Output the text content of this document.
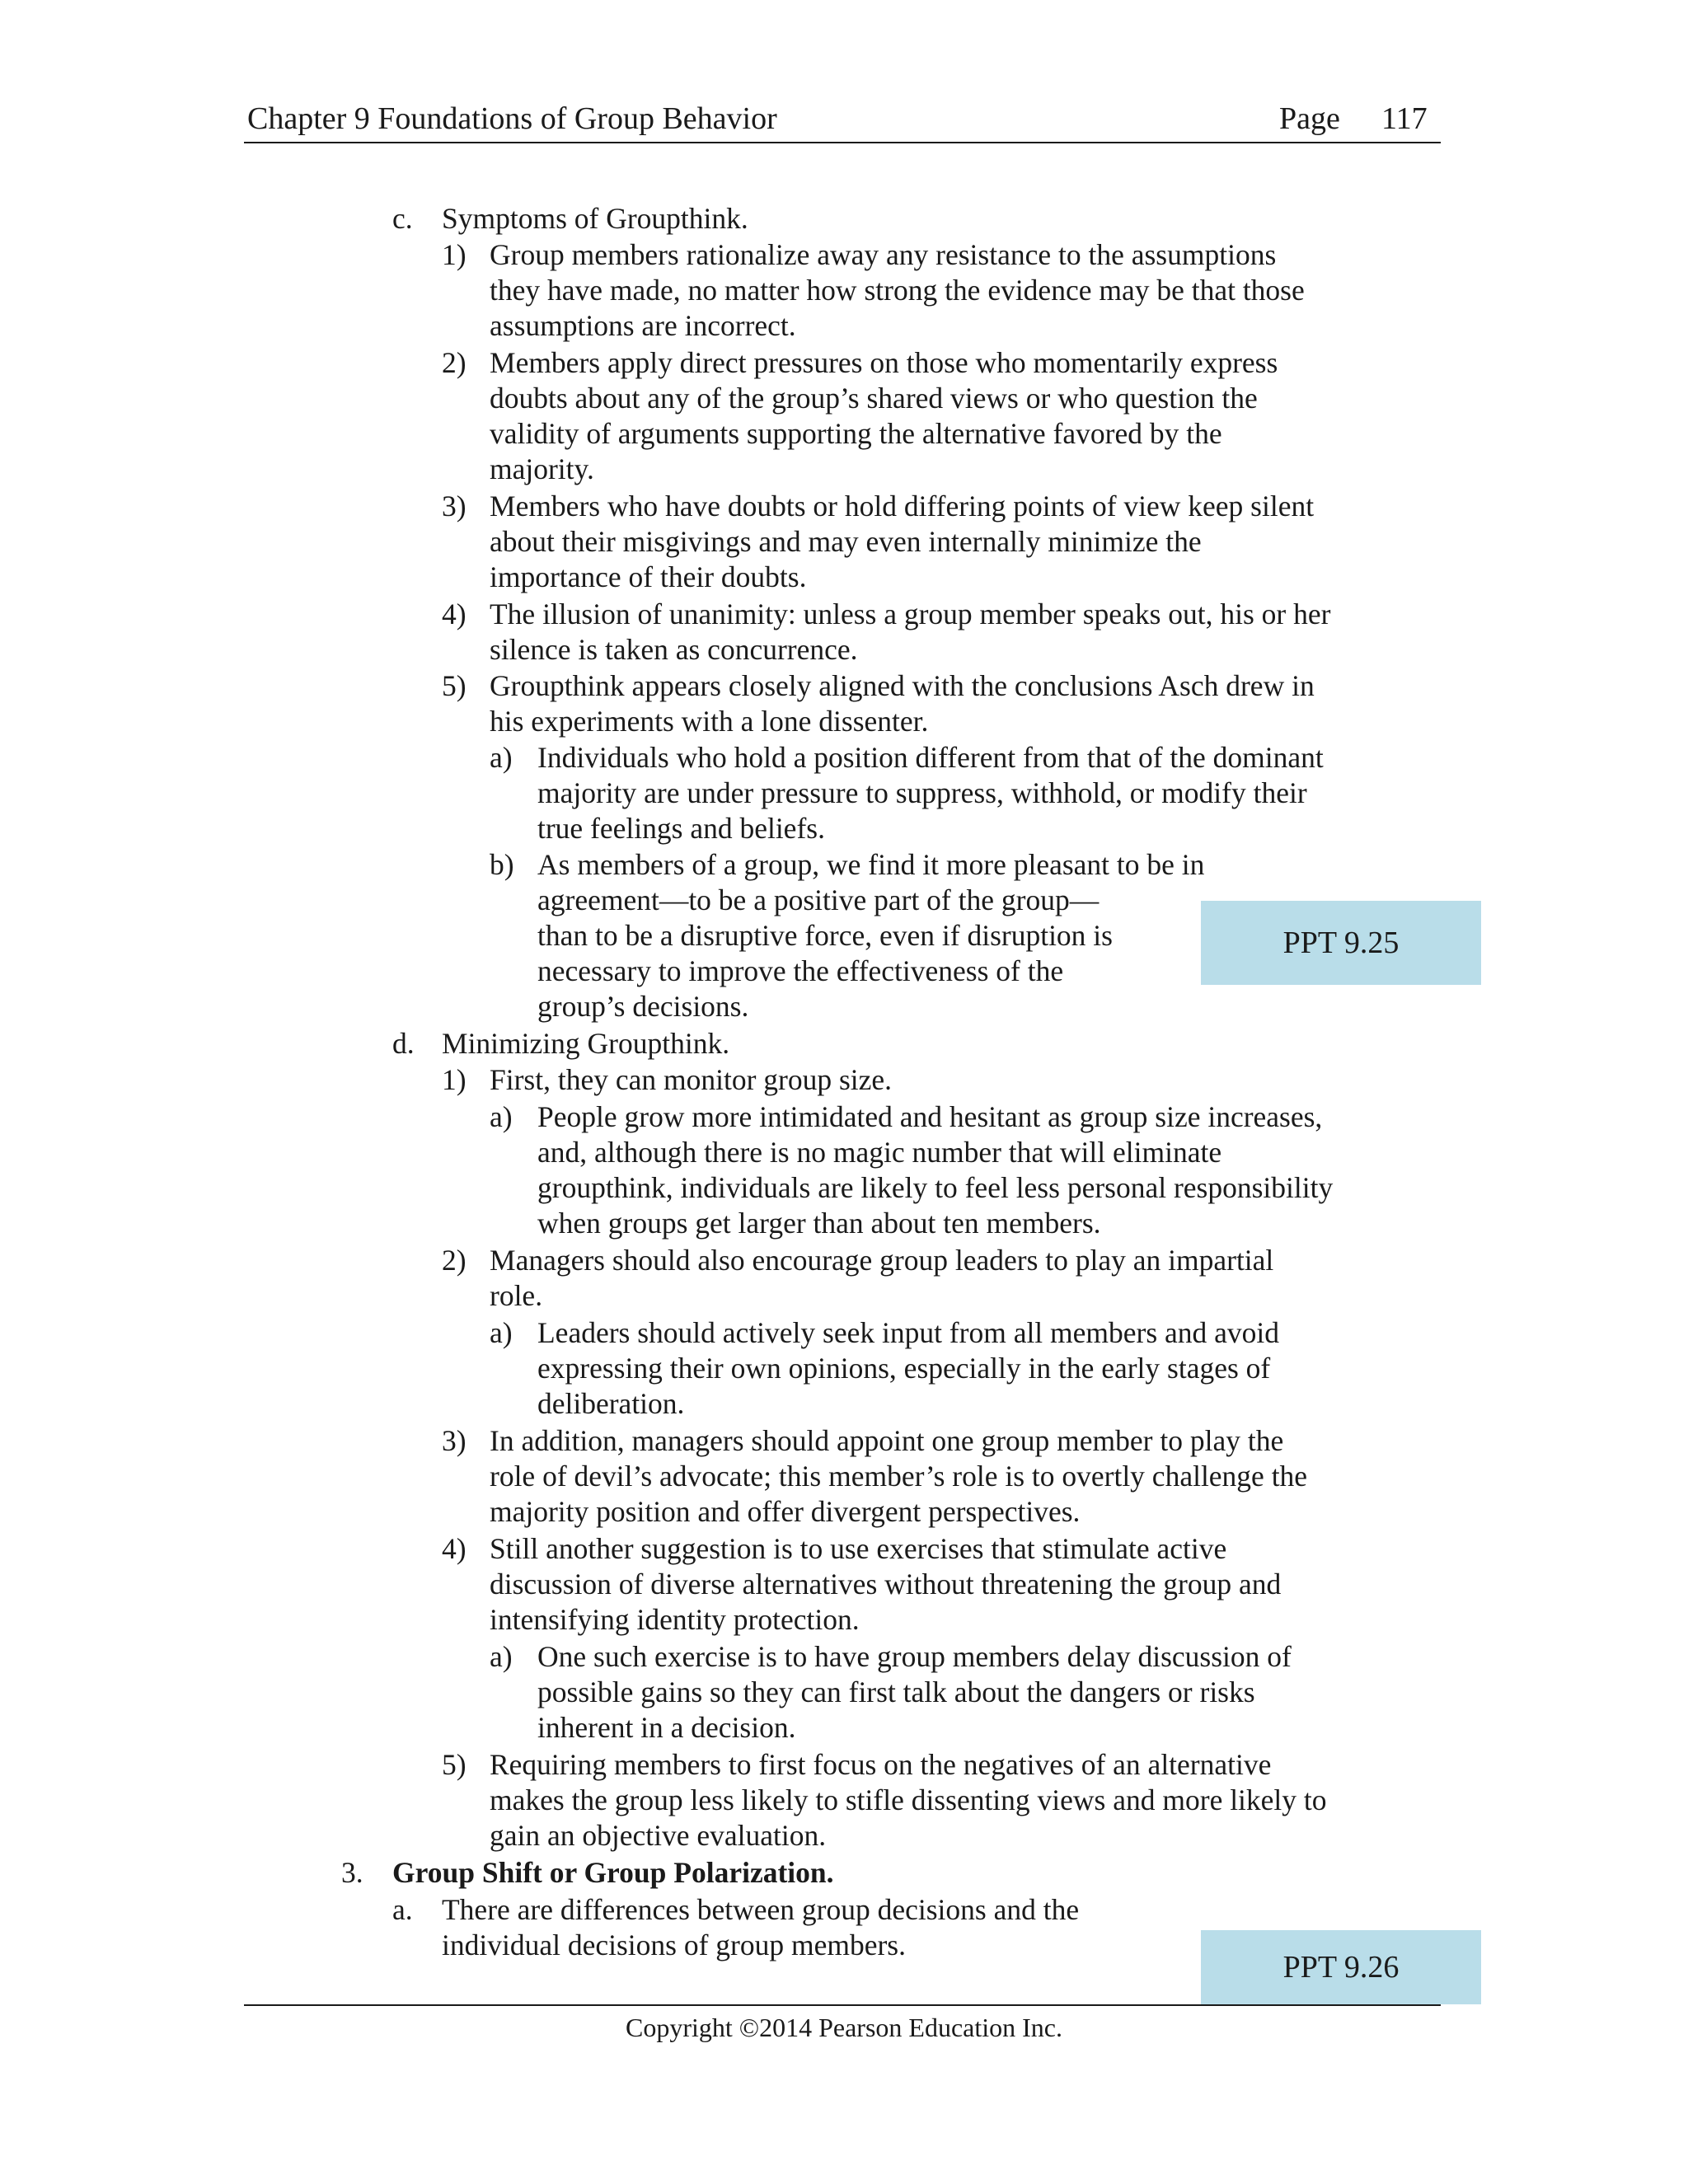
Chapter 9 Foundations of Group Behavior	Page 117
c. Symptoms of Groupthink.
1) Group members rationalize away any resistance to the assumptions
they have made, no matter how strong the evidence may be that those
assumptions are incorrect.
2) Members apply direct pressures on those who momentarily express
doubts about any of the group’s shared views or who question the
validity of arguments supporting the alternative favored by the
majority.
3) Members who have doubts or hold differing points of view keep silent
about their misgivings and may even internally minimize the
importance of their doubts.
4) The illusion of unanimity: unless a group member speaks out, his or her
silence is taken as concurrence.
5) Groupthink appears closely aligned with the conclusions Asch drew in
his experiments with a lone dissenter.
a) Individuals who hold a position different from that of the dominant
majority are under pressure to suppress, withhold, or modify their
true feelings and beliefs.
b) As members of a group, we find it more pleasant to be in
agreement—to be a positive part of the group—
than to be a disruptive force, even if disruption is
necessary to improve the effectiveness of the
group’s decisions.
d. Minimizing Groupthink.
1) First, they can monitor group size.
a) People grow more intimidated and hesitant as group size increases,
and, although there is no magic number that will eliminate
groupthink, individuals are likely to feel less personal responsibility
when groups get larger than about ten members.
2) Managers should also encourage group leaders to play an impartial
role.
a) Leaders should actively seek input from all members and avoid
expressing their own opinions, especially in the early stages of
deliberation.
3) In addition, managers should appoint one group member to play the
role of devil’s advocate; this member’s role is to overtly challenge the
majority position and offer divergent perspectives.
4) Still another suggestion is to use exercises that stimulate active
discussion of diverse alternatives without threatening the group and
intensifying identity protection.
a) One such exercise is to have group members delay discussion of
possible gains so they can first talk about the dangers or risks
inherent in a decision.
5) Requiring members to first focus on the negatives of an alternative
makes the group less likely to stifle dissenting views and more likely to
gain an objective evaluation.
3. Group Shift or Group Polarization.
a. There are differences between group decisions and the
individual decisions of group members.
PPT 9.25
PPT 9.26
Copyright ©2014 Pearson Education Inc.
